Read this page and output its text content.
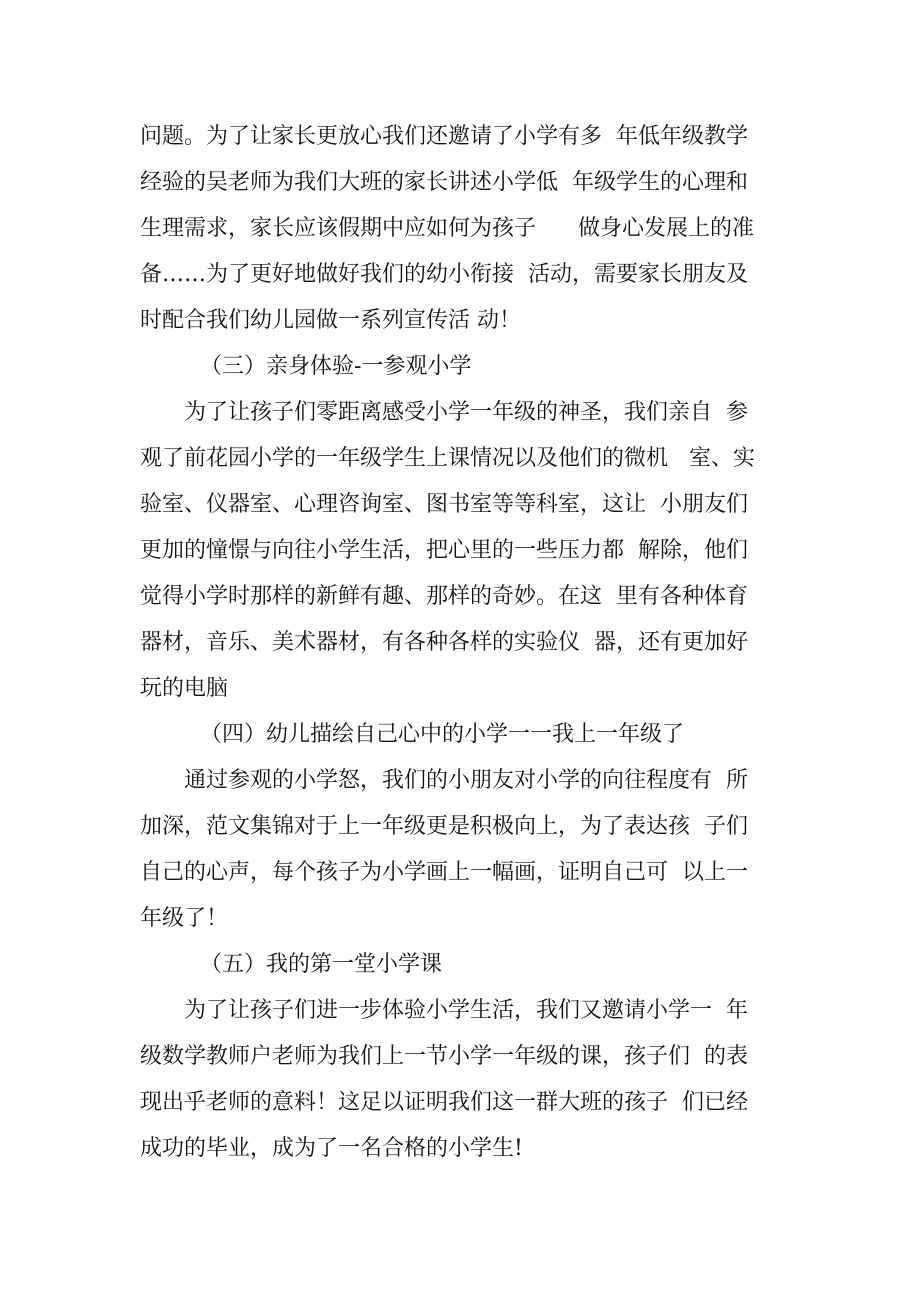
问题。为了让家长更放心我们还邀请了小学有多  年低年级教学
经验的吴老师为我们大班的家长讲述小学低  年级学生的心理和
生理需求，家长应该假期中应如何为孩子      做身心发展上的准
备……为了更好地做好我们的幼小衔接  活动，需要家长朋友及
时配合我们幼儿园做一系列宣传活 动！
（三）亲身体验-一参观小学
为了让孩子们零距离感受小学一年级的神圣，我们亲自  参
观了前花园小学的一年级学生上课情况以及他们的微机   室、实
验室、仪器室、心理咨询室、图书室等等科室，这让  小朋友们
更加的憧憬与向往小学生活，把心里的一些压力都  解除，他们
觉得小学时那样的新鲜有趣、那样的奇妙。在这  里有各种体育
器材，音乐、美术器材，有各种各样的实验仪  器，还有更加好
玩的电脑
（四）幼儿描绘自己心中的小学一一我上一年级了
通过参观的小学怒，我们的小朋友对小学的向往程度有  所
加深，范文集锦对于上一年级更是积极向上，为了表达孩  子们
自己的心声，每个孩子为小学画上一幅画，证明自己可  以上一
年级了！
（五）我的第一堂小学课
为了让孩子们进一步体验小学生活，我们又邀请小学一  年
级数学教师户老师为我们上一节小学一年级的课，孩子们  的表
现出乎老师的意料！这足以证明我们这一群大班的孩子  们已经
成功的毕业，成为了一名合格的小学生!
